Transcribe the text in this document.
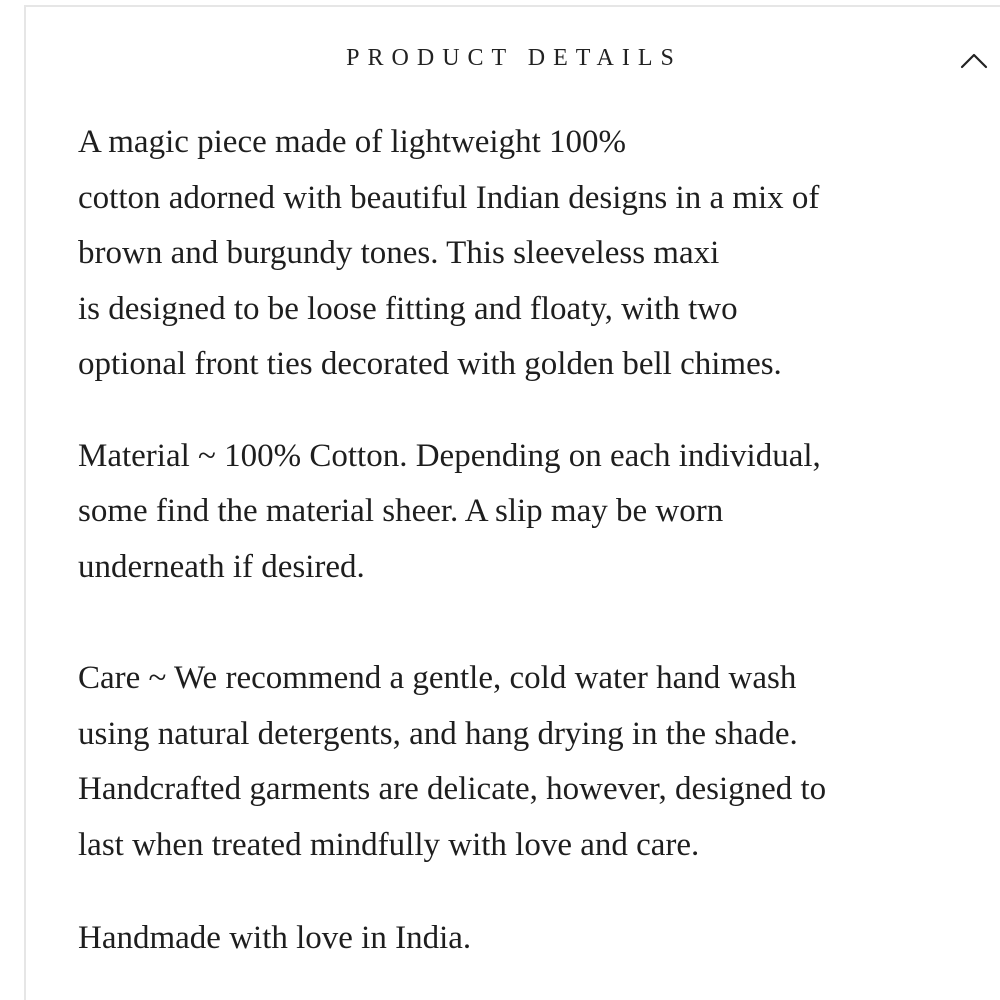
PRODUCT DETAILS

A magic piece made of lightweight 100%
cotton adorned with beautiful Indian designs in a mix of
brown and burgundy tones. This sleeveless maxi
is designed to be loose fitting and floaty, with two
optional front ties decorated with golden bell chimes.

Material ~ 100% Cotton. Depending on each individual,
some find the material sheer. A slip may be worn
underneath if desired.

Care ~ We recommend a gentle, cold water hand wash
using natural detergents, and hang drying in the shade.
Handcrafted garments are delicate, however, designed to
last when treated mindfully with love and care.

Handmade with love in India.
